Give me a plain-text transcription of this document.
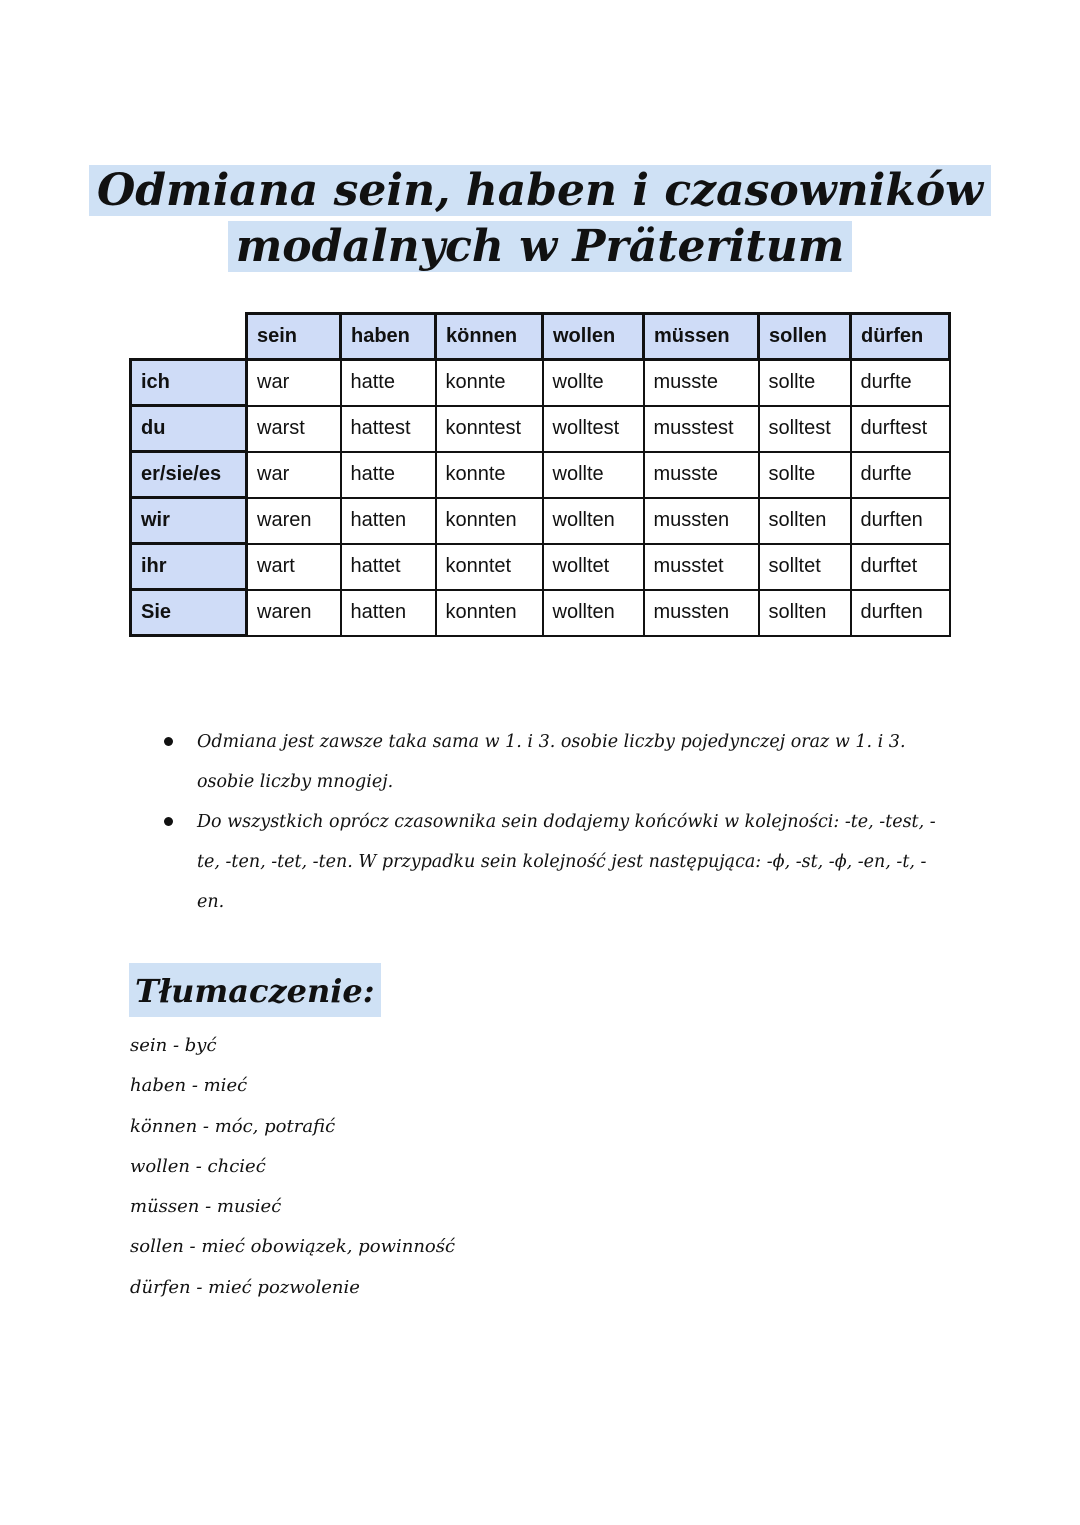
Odmiana sein, haben i czasowników
modalnych w Präteritum
	sein	haben	können	wollen	müssen	sollen	dürfen
ich	war	hatte	konnte	wollte	musste	sollte	durfte
du	warst	hattest	konntest	wolltest	musstest	solltest	durftest
er/sie/es	war	hatte	konnte	wollte	musste	sollte	durfte
wir	waren	hatten	konnten	wollten	mussten	sollten	durften
ihr	wart	hattet	konntet	wolltet	musstet	solltet	durftet
Sie	waren	hatten	konnten	wollten	mussten	sollten	durften
Odmiana jest zawsze taka sama w 1. i 3. osobie liczby pojedynczej oraz w 1. i 3. osobie liczby mnogiej.
Do wszystkich oprócz czasownika sein dodajemy końcówki w kolejności: -te, -test, -te, -ten, -tet, -ten. W przypadku sein kolejność jest następująca: -ϕ, -st, -ϕ, -en, -t, -en.
Tłumaczenie:
sein - być
haben - mieć
können - móc, potrafić
wollen - chcieć
müssen - musieć
sollen - mieć obowiązek, powinność
dürfen - mieć pozwolenie
